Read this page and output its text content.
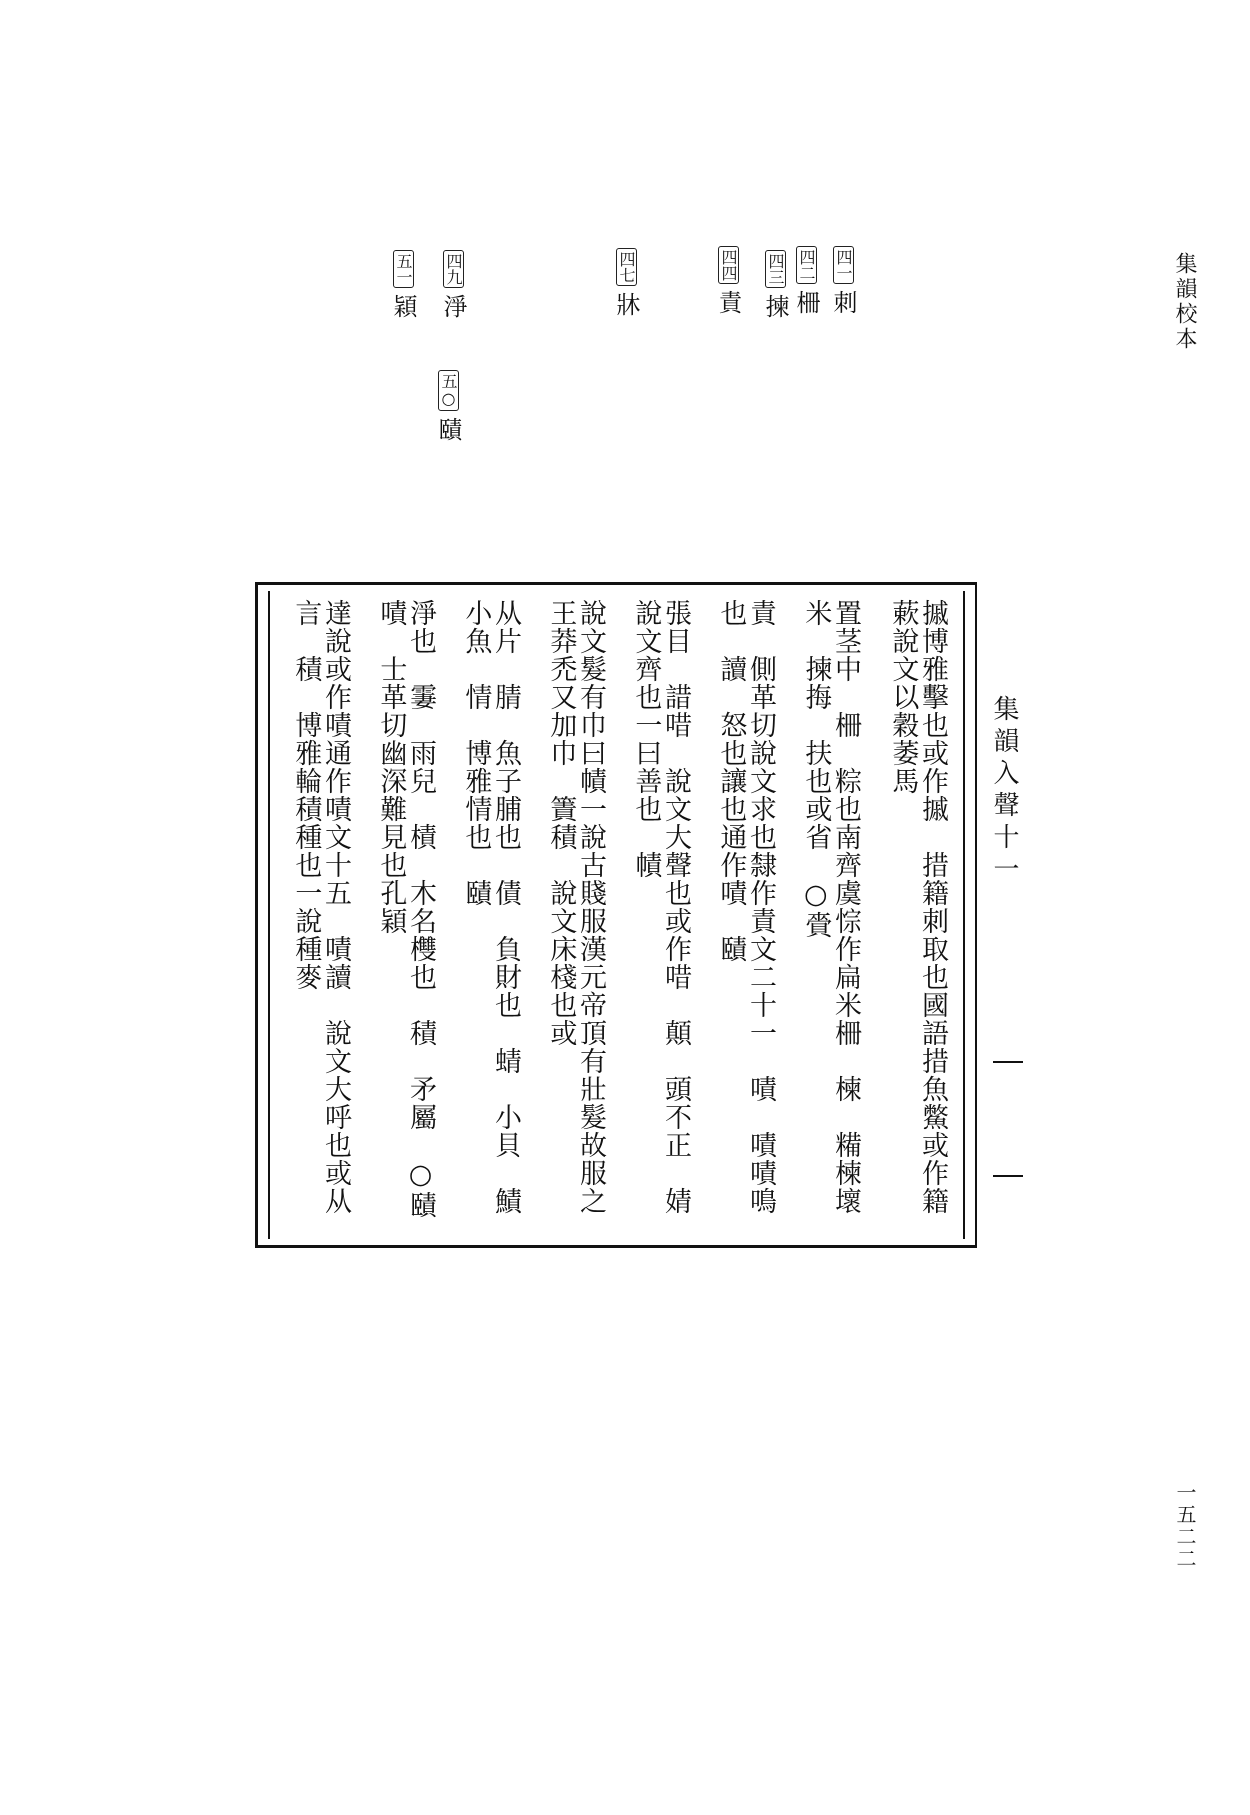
集韻校本
四一刺
四二柵
四三揀
四四責
四七牀
四九淨
五○賾
五一穎
集韻入聲十一
摵博雅擊也或作摵　措籍刺取也國語措魚鱉或作籍　蔌說文以穀萎馬
置茎中　柵　粽也南齊虞悰作扁米柵　楝　糒楝壞米　揀挴　扶也或省　○賫
責　側革切說文求也隸作責文二十一　嘖　嘖嘖鳴也　讀　怒也讓也通作嘖　賾
張目　諎唶　說文大聲也或作唶　顛　頭不正　婧　說文齊也一曰善也　幘
說文髮有巾曰幘一說古賤服漢元帝頂有壯髮故服之王莽禿又加巾　簀積　說文床棧也或
从片　腈　魚子脯也　債　負財也　蜻　小貝　鰿　小魚　情　博雅情也　賾
淨也　霋　雨兒　樍　木名欆也　積　矛屬　○賾嘖　士革切幽深難見也孔穎
達說或作嘖通作嘖文十五　嘖讀　說文大呼也或从言　積　博雅輪積種也一說種麥
一五二二
